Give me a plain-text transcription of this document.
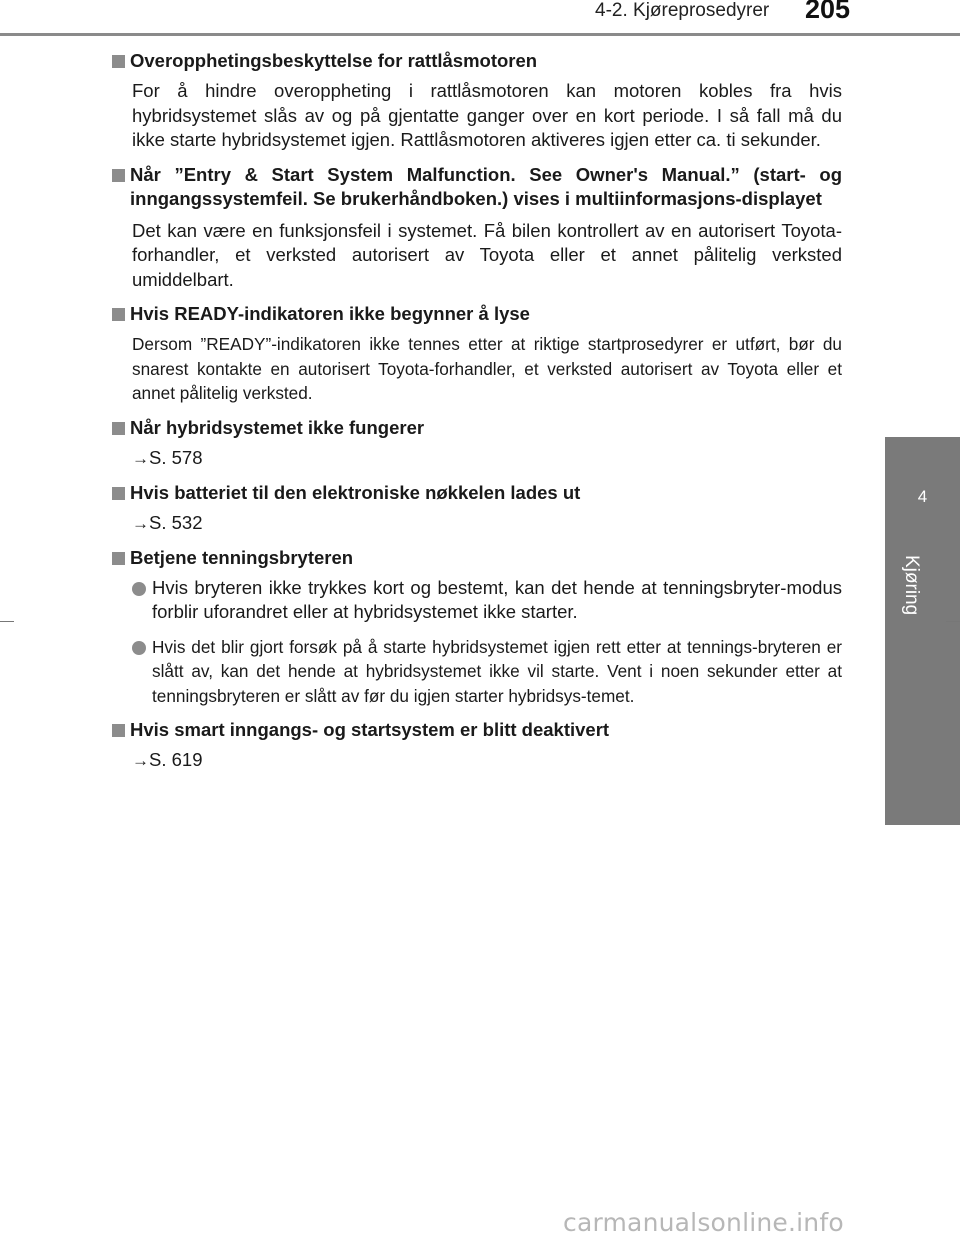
4-2. Kjøreprosedyrer 205
4
Kjøring
Overopphetingsbeskyttelse for rattlåsmotoren
For å hindre overoppheting i rattlåsmotoren kan motoren kobles fra hvis hybridsystemet slås av og på gjentatte ganger over en kort periode. I så fall må du ikke starte hybridsystemet igjen. Rattlåsmotoren aktiveres igjen etter ca. ti sekunder.
Når ”Entry & Start System Malfunction. See Owner's Manual.” (start- og inngangssystemfeil. Se brukerhåndboken.) vises i multiinformasjons-displayet
Det kan være en funksjonsfeil i systemet. Få bilen kontrollert av en autorisert Toyota-forhandler, et verksted autorisert av Toyota eller et annet pålitelig verksted umiddelbart.
Hvis READY-indikatoren ikke begynner å lyse
Dersom ”READY”-indikatoren ikke tennes etter at riktige startprosedyrer er utført, bør du snarest kontakte en autorisert Toyota-forhandler, et verksted autorisert av Toyota eller et annet pålitelig verksted.
Når hybridsystemet ikke fungerer
→S. 578
Hvis batteriet til den elektroniske nøkkelen lades ut
→S. 532
Betjene tenningsbryteren
Hvis bryteren ikke trykkes kort og bestemt, kan det hende at tenningsbryter-modus forblir uforandret eller at hybridsystemet ikke starter.
Hvis det blir gjort forsøk på å starte hybridsystemet igjen rett etter at tennings-bryteren er slått av, kan det hende at hybridsystemet ikke vil starte. Vent i noen sekunder etter at tenningsbryteren er slått av før du igjen starter hybridsys-temet.
Hvis smart inngangs- og startsystem er blitt deaktivert
→S. 619
carmanualsonline.info
